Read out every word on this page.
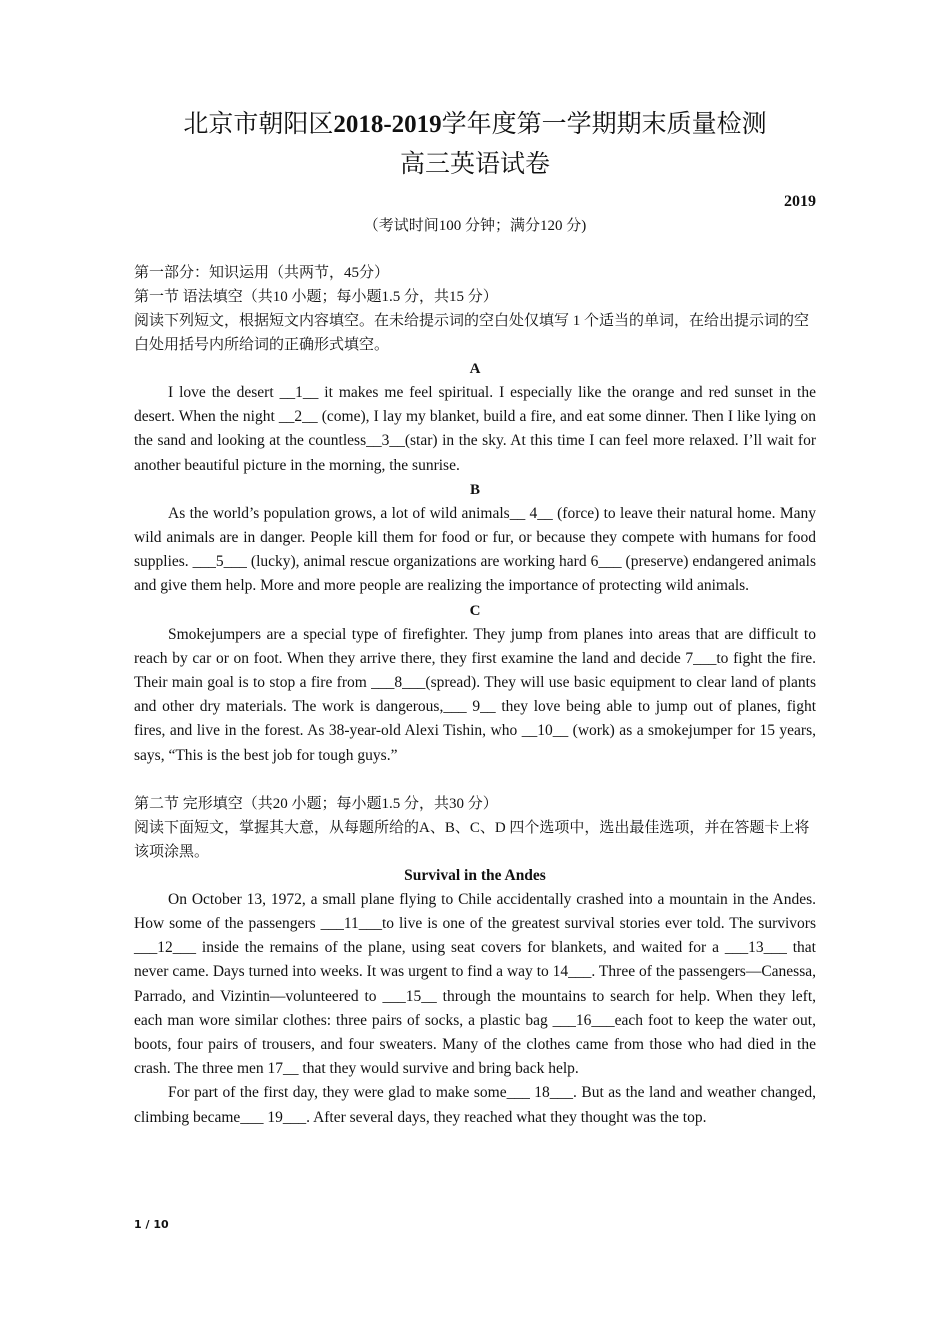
北京市朝阳区2018-2019学年度第一学期期末质量检测

高三英语试卷

2019
（考试时间100 分钟；满分120 分)

第一部分：知识运用（共两节，45分）

第一节 语法填空（共10 小题；每小题1.5 分，共15 分）

阅读下列短文，根据短文内容填空。在未给提示词的空白处仅填写 1 个适当的单词，在给出提示词的空白处用括号内所给词的正确形式填空。

A

I love the desert __1__ it makes me feel spiritual. I especially like the orange and red sunset in the desert. When the night __2__ (come), I lay my blanket, build a fire, and eat some dinner. Then I like lying on the sand and looking at the countless__3__(star) in the sky. At this time I can feel more relaxed. I’ll wait for another beautiful picture in the morning, the sunrise.

B

As the world’s population grows, a lot of wild animals__ 4__ (force) to leave their natural home. Many wild animals are in danger. People kill them for food or fur, or because they compete with humans for food supplies. ___5___ (lucky), animal rescue organizations are working hard 6___ (preserve) endangered animals and give them help. More and more people are realizing the importance of protecting wild animals.

C

Smokejumpers are a special type of firefighter. They jump from planes into areas that are difficult to reach by car or on foot. When they arrive there, they first examine the land and decide 7___to fight the fire. Their main goal is to stop a fire from ___8___(spread). They will use basic equipment to clear land of plants and other dry materials. The work is dangerous,___ 9__ they love being able to jump out of planes, fight fires, and live in the forest. As 38-year-old Alexi Tishin, who __10__ (work) as a smokejumper for 15 years, says, “This is the best job for tough guys.”

第二节 完形填空（共20 小题；每小题1.5 分，共30 分）

阅读下面短文，掌握其大意，从每题所给的A、B、C、D 四个选项中，选出最佳选项，并在答题卡上将该项涂黑。

Survival in the Andes

On October 13, 1972, a small plane flying to Chile accidentally crashed into a mountain in the Andes. How some of the passengers ___11___to live is one of the greatest survival stories ever told. The survivors ___12___ inside the remains of the plane, using seat covers for blankets, and waited for a ___13___ that never came. Days turned into weeks. It was urgent to find a way to 14___. Three of the passengers—Canessa, Parrado, and Vizintin—volunteered to ___15__ through the mountains to search for help. When they left, each man wore similar clothes: three pairs of socks, a plastic bag ___16___each foot to keep the water out, boots, four pairs of trousers, and four sweaters. Many of the clothes came from those who had died in the crash. The three men 17__ that they would survive and bring back help.

For part of the first day, they were glad to make some___ 18___. But as the land and weather changed, climbing became___ 19___. After several days, they reached what they thought was the top.

1 / 10
